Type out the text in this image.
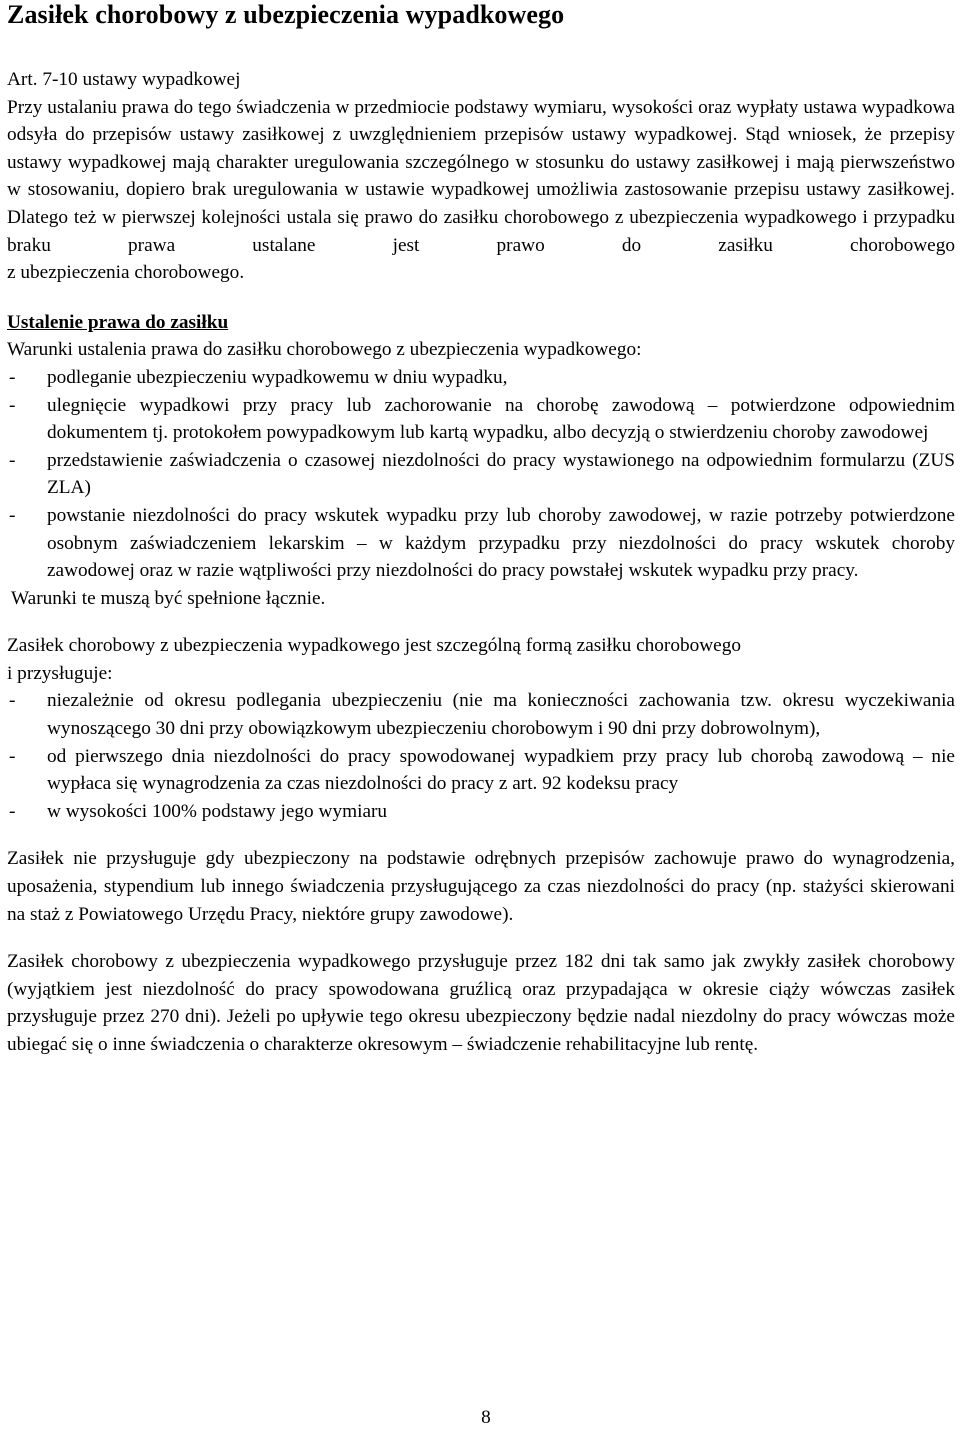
Zasiłek chorobowy z ubezpieczenia wypadkowego

Art. 7-10 ustawy wypadkowej

Przy ustalaniu prawa do tego świadczenia w przedmiocie podstawy wymiaru, wysokości oraz wypłaty ustawa wypadkowa odsyła do przepisów ustawy zasiłkowej z uwzględnieniem przepisów ustawy wypadkowej. Stąd wniosek, że przepisy ustawy wypadkowej mają charakter uregulowania szczególnego w stosunku do ustawy zasiłkowej i mają pierwszeństwo w stosowaniu, dopiero brak uregulowania w ustawie wypadkowej umożliwia zastosowanie przepisu ustawy zasiłkowej. Dlatego też w pierwszej kolejności ustala się prawo do zasiłku chorobowego z ubezpieczenia wypadkowego i przypadku braku prawa ustalane jest prawo do zasiłku chorobowego

z ubezpieczenia chorobowego.

Ustalenie prawa do zasiłku

Warunki ustalenia prawa do zasiłku chorobowego z ubezpieczenia wypadkowego:

- podleganie ubezpieczeniu wypadkowemu w dniu wypadku,
- ulegnięcie wypadkowi przy pracy lub zachorowanie na chorobę zawodową – potwierdzone odpowiednim dokumentem tj. protokołem powypadkowym lub kartą wypadku, albo decyzją o stwierdzeniu choroby zawodowej
- przedstawienie zaświadczenia o czasowej niezdolności do pracy wystawionego na odpowiednim formularzu (ZUS ZLA)
- powstanie niezdolności do pracy wskutek wypadku przy lub choroby zawodowej, w razie potrzeby potwierdzone osobnym zaświadczeniem lekarskim – w każdym przypadku przy niezdolności do pracy wskutek choroby zawodowej oraz w razie wątpliwości przy niezdolności do pracy powstałej wskutek wypadku przy pracy.

Warunki te muszą być spełnione łącznie.

Zasiłek chorobowy z ubezpieczenia wypadkowego jest szczególną formą zasiłku chorobowego

i przysługuje:

- niezależnie od okresu podlegania ubezpieczeniu (nie ma konieczności zachowania tzw. okresu wyczekiwania wynoszącego 30 dni przy obowiązkowym ubezpieczeniu chorobowym i 90 dni przy dobrowolnym),
- od pierwszego dnia niezdolności do pracy spowodowanej wypadkiem przy pracy lub chorobą zawodową – nie wypłaca się wynagrodzenia za czas niezdolności do pracy z art. 92 kodeksu pracy
- w wysokości 100% podstawy jego wymiaru

Zasiłek nie przysługuje gdy ubezpieczony na podstawie odrębnych przepisów zachowuje prawo do wynagrodzenia, uposażenia, stypendium lub innego świadczenia przysługującego za czas niezdolności do pracy (np. stażyści skierowani na staż z Powiatowego Urzędu Pracy, niektóre grupy zawodowe).

Zasiłek chorobowy z ubezpieczenia wypadkowego przysługuje przez 182 dni tak samo jak zwykły zasiłek chorobowy (wyjątkiem jest niezdolność do pracy spowodowana gruźlicą oraz przypadająca w okresie ciąży wówczas zasiłek przysługuje przez 270 dni). Jeżeli po upływie tego okresu ubezpieczony będzie nadal niezdolny do pracy wówczas może ubiegać się o inne świadczenia o charakterze okresowym – świadczenie rehabilitacyjne lub rentę.

8
